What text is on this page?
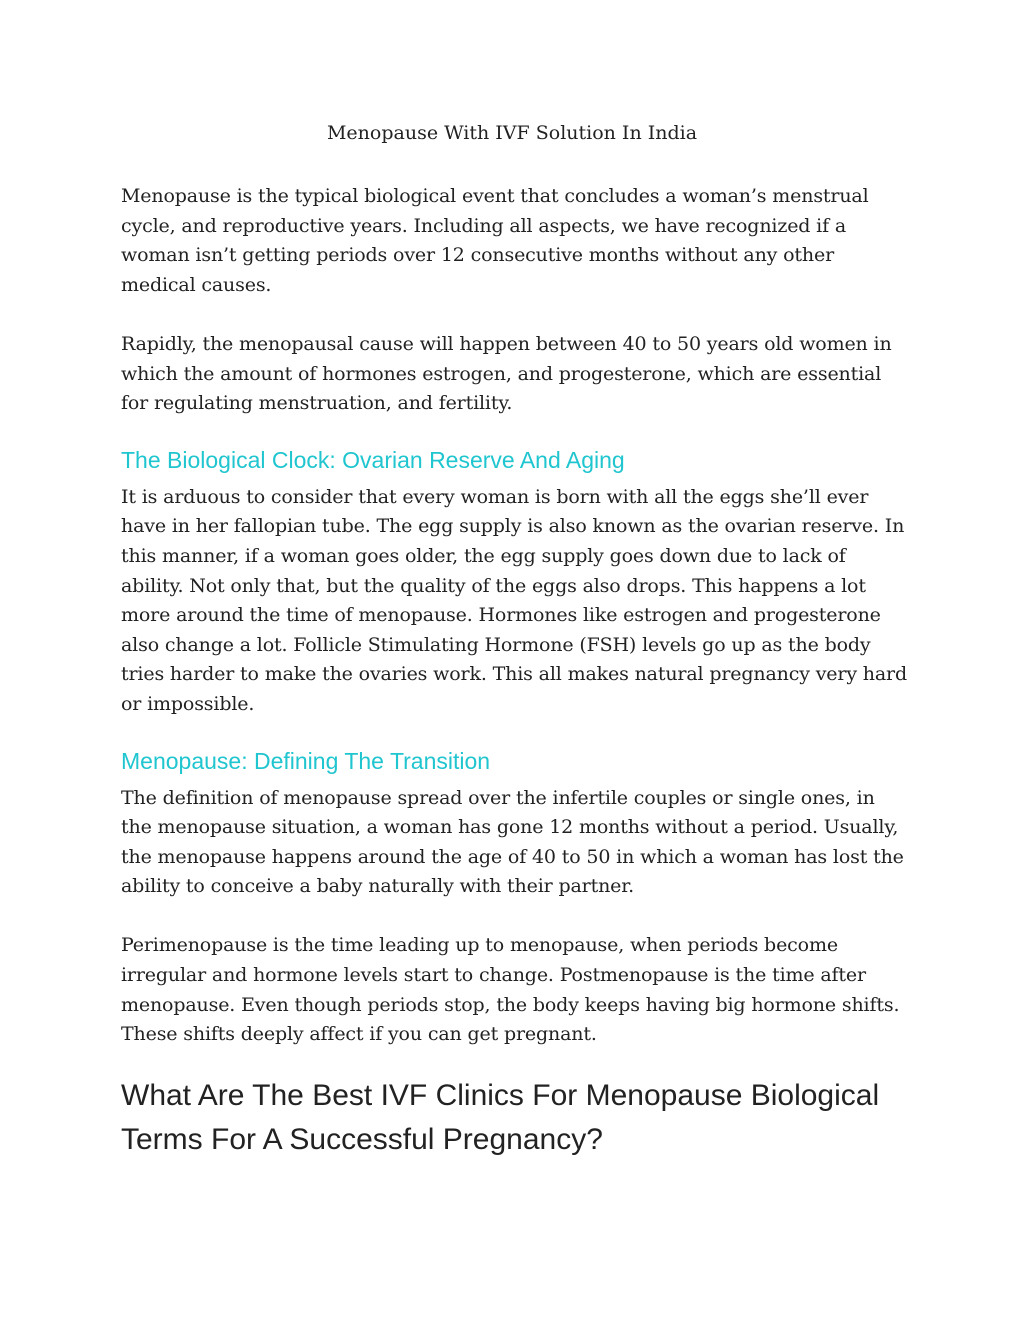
Menopause With IVF Solution In India

Menopause is the typical biological event that concludes a woman’s menstrual cycle, and reproductive years. Including all aspects, we have recognized if a woman isn’t getting periods over 12 consecutive months without any other medical causes.

Rapidly, the menopausal cause will happen between 40 to 50 years old women in which the amount of hormones estrogen, and progesterone, which are essential for regulating menstruation, and fertility.

The Biological Clock: Ovarian Reserve And Aging

It is arduous to consider that every woman is born with all the eggs she’ll ever have in her fallopian tube. The egg supply is also known as the ovarian reserve. In this manner, if a woman goes older, the egg supply goes down due to lack of ability. Not only that, but the quality of the eggs also drops. This happens a lot more around the time of menopause. Hormones like estrogen and progesterone also change a lot. Follicle Stimulating Hormone (FSH) levels go up as the body tries harder to make the ovaries work. This all makes natural pregnancy very hard or impossible.

Menopause: Defining The Transition

The definition of menopause spread over the infertile couples or single ones, in the menopause situation, a woman has gone 12 months without a period. Usually, the menopause happens around the age of 40 to 50 in which a woman has lost the ability to conceive a baby naturally with their partner.

Perimenopause is the time leading up to menopause, when periods become irregular and hormone levels start to change. Postmenopause is the time after menopause. Even though periods stop, the body keeps having big hormone shifts. These shifts deeply affect if you can get pregnant.

What Are The Best IVF Clinics For Menopause Biological Terms For A Successful Pregnancy?
